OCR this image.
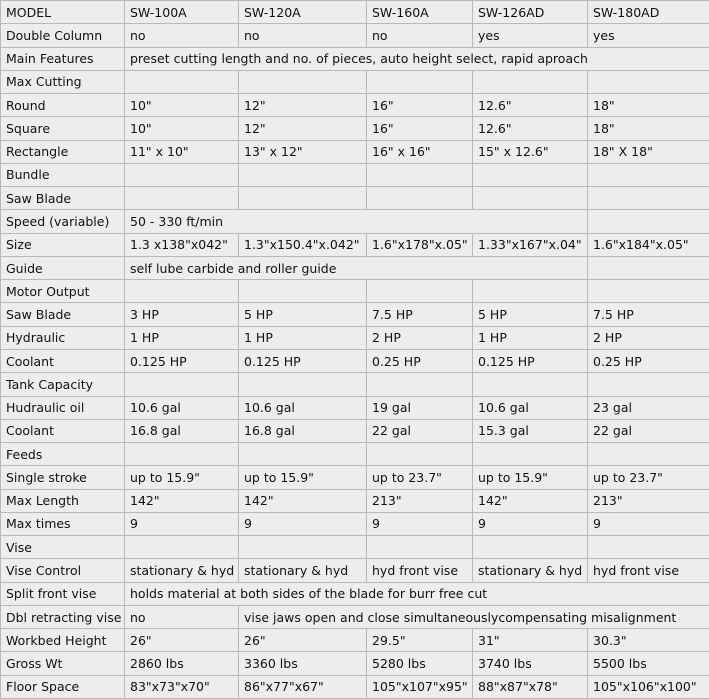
MODEL	SW-100A	SW-120A	SW-160A	SW-126AD	SW-180AD
Double Column	no	no	no	yes	yes
Main Features	preset cutting length and no. of pieces, auto height select, rapid aproach				
Max Cutting					
Round	10"	12"	16"	12.6"	18"
Square	10"	12"	16"	12.6"	18"
Rectangle	11" x 10"	13" x 12"	16" x 16"	15" x 12.6"	18" X 18"
Bundle					
Saw Blade					
Speed (variable)	50 - 330 ft/min				
Size	1.3 x138"x042"	1.3"x150.4"x.042"	1.6"x178"x.05"	1.33"x167"x.04"	1.6"x184"x.05"
Guide	self lube carbide and roller guide				
Motor Output					
Saw Blade	3 HP	5 HP	7.5 HP	5 HP	7.5 HP
Hydraulic	1 HP	1 HP	2 HP	1 HP	2 HP
Coolant	0.125 HP	0.125 HP	0.25 HP	0.125 HP	0.25 HP
Tank Capacity					
Hudraulic oil	10.6 gal	10.6 gal	19 gal	10.6 gal	23 gal
Coolant	16.8 gal	16.8 gal	22 gal	15.3 gal	22 gal
Feeds					
Single stroke	up to 15.9"	up to 15.9"	up to 23.7"	up to 15.9"	up to 23.7"
Max Length	142"	142"	213"	142"	213"
Max times	9	9	9	9	9
Vise					
Vise Control	stationary & hyd	stationary & hyd	hyd front vise	stationary & hyd	hyd front vise
Split front vise	holds material at both sides of the blade for burr free cut				
Dbl retracting vise	no	vise jaws open and close simultaneouslycompensating misalignment			
Workbed Height	26"	26"	29.5"	31"	30.3"
Gross Wt	2860 lbs	3360 lbs	5280 lbs	3740 lbs	5500 lbs
Floor Space	83"x73"x70"	86"x77"x67"	105"x107"x95"	88"x87"x78"	105"x106"x100"
